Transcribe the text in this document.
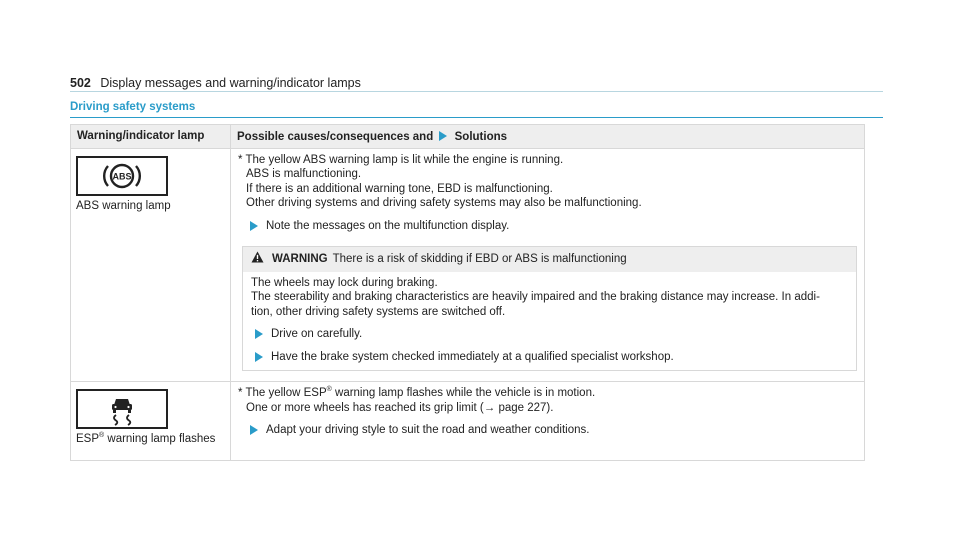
502 Display messages and warning/indicator lamps
Driving safety systems
Warning/indicator lamp	Possible causes/consequences and Solutions
ABS
ABS warning lamp
* The yellow ABS warning lamp is lit while the engine is running.
ABS is malfunctioning.
If there is an additional warning tone, EBD is malfunctioning.
Other driving systems and driving safety systems may also be malfunctioning.
Note the messages on the multifunction display.
WARNING There is a risk of skidding if EBD or ABS is malfunctioning
The wheels may lock during braking.
The steerability and braking characteristics are heavily impaired and the braking distance may increase. In addi-
tion, other driving safety systems are switched off.
Drive on carefully.
Have the brake system checked immediately at a qualified specialist workshop.
ESP® warning lamp flashes
* The yellow ESP® warning lamp flashes while the vehicle is in motion.
One or more wheels has reached its grip limit (→ page 227).
Adapt your driving style to suit the road and weather conditions.
